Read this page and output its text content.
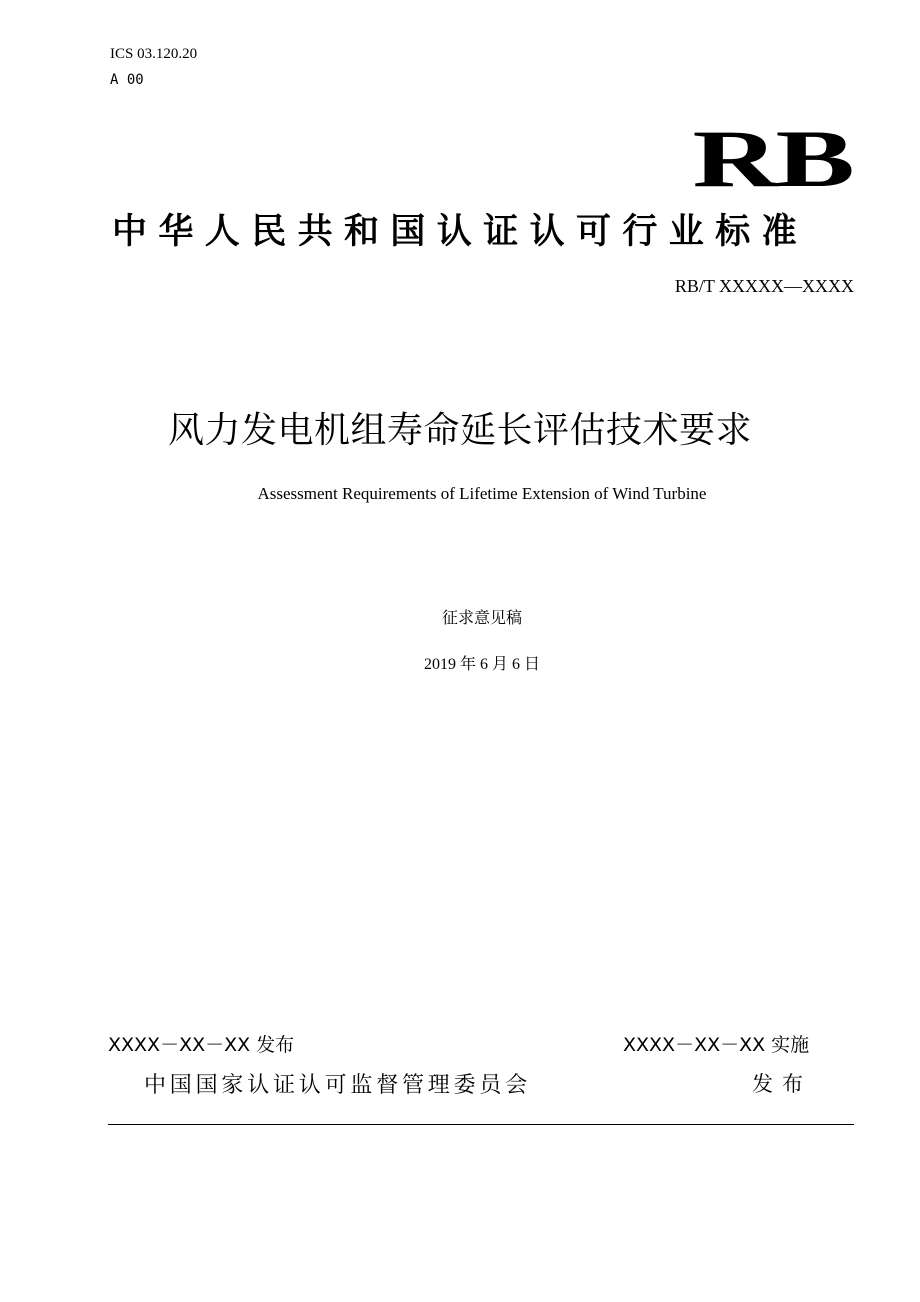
ICS 03.120.20
A 00
RB
中华人民共和国认证认可行业标准
RB/T XXXXX—XXXX
风力发电机组寿命延长评估技术要求
Assessment Requirements of Lifetime Extension of Wind Turbine
征求意见稿
2019 年 6 月 6 日
XXXX－XX－XX 发布	XXXX－XX－XX 实施
中国国家认证认可监督管理委员会	发布
